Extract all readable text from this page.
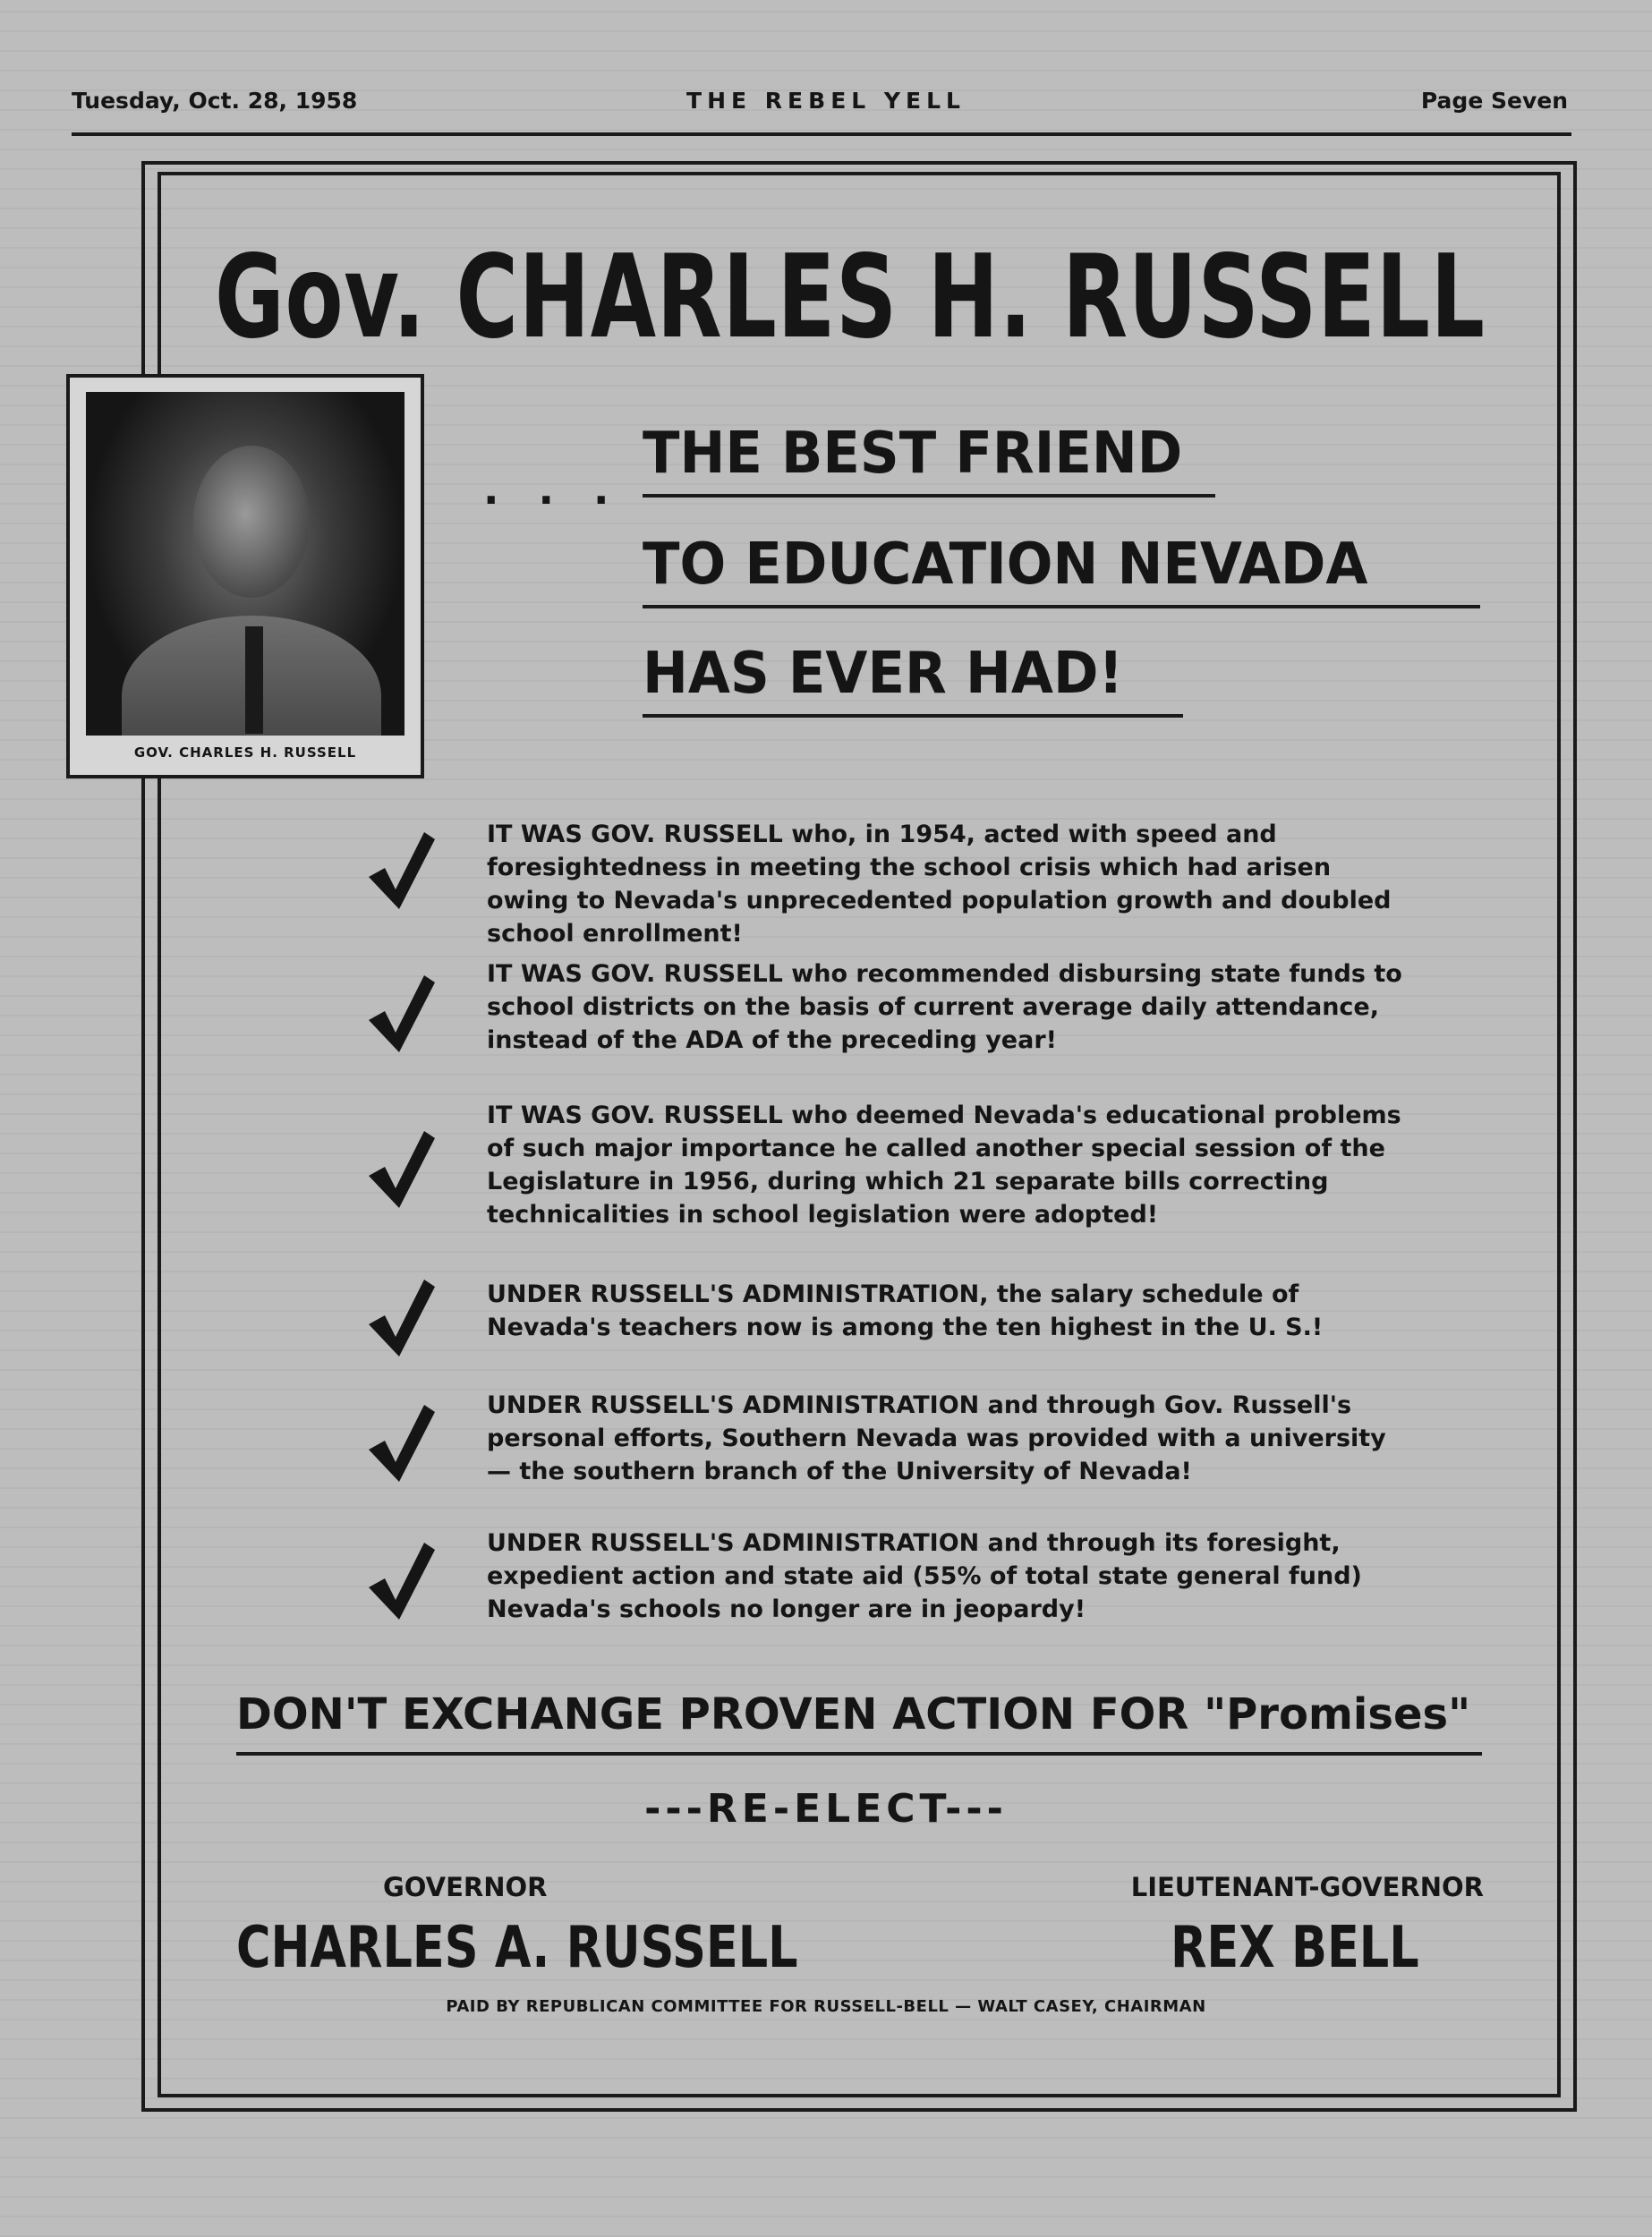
Tuesday, Oct. 28, 1958	THE REBEL YELL	Page Seven
Gov. CHARLES H. RUSSELL
GOV. CHARLES H. RUSSELL
. . .
THE BEST FRIEND
TO EDUCATION NEVADA
HAS EVER HAD!
IT WAS GOV. RUSSELL who, in 1954, acted with speed and foresightedness in meeting the school crisis which had arisen owing to Nevada's unprecedented population growth and doubled school enrollment!
IT WAS GOV. RUSSELL who recommended disbursing state funds to school districts on the basis of current average daily attendance, instead of the ADA of the preceding year!
IT WAS GOV. RUSSELL who deemed Nevada's educational problems of such major importance he called another special session of the Legislature in 1956, during which 21 separate bills correcting technicalities in school legislation were adopted!
UNDER RUSSELL'S ADMINISTRATION, the salary schedule of Nevada's teachers now is among the ten highest in the U. S.!
UNDER RUSSELL'S ADMINISTRATION and through Gov. Russell's personal efforts, Southern Nevada was provided with a university — the southern branch of the University of Nevada!
UNDER RUSSELL'S ADMINISTRATION and through its foresight, expedient action and state aid (55% of total state general fund) Nevada's schools no longer are in jeopardy!
DON'T EXCHANGE PROVEN ACTION FOR "Promises"
---RE-ELECT---
GOVERNOR
CHARLES A. RUSSELL
LIEUTENANT-GOVERNOR
REX BELL
PAID BY REPUBLICAN COMMITTEE FOR RUSSELL-BELL — WALT CASEY, CHAIRMAN
